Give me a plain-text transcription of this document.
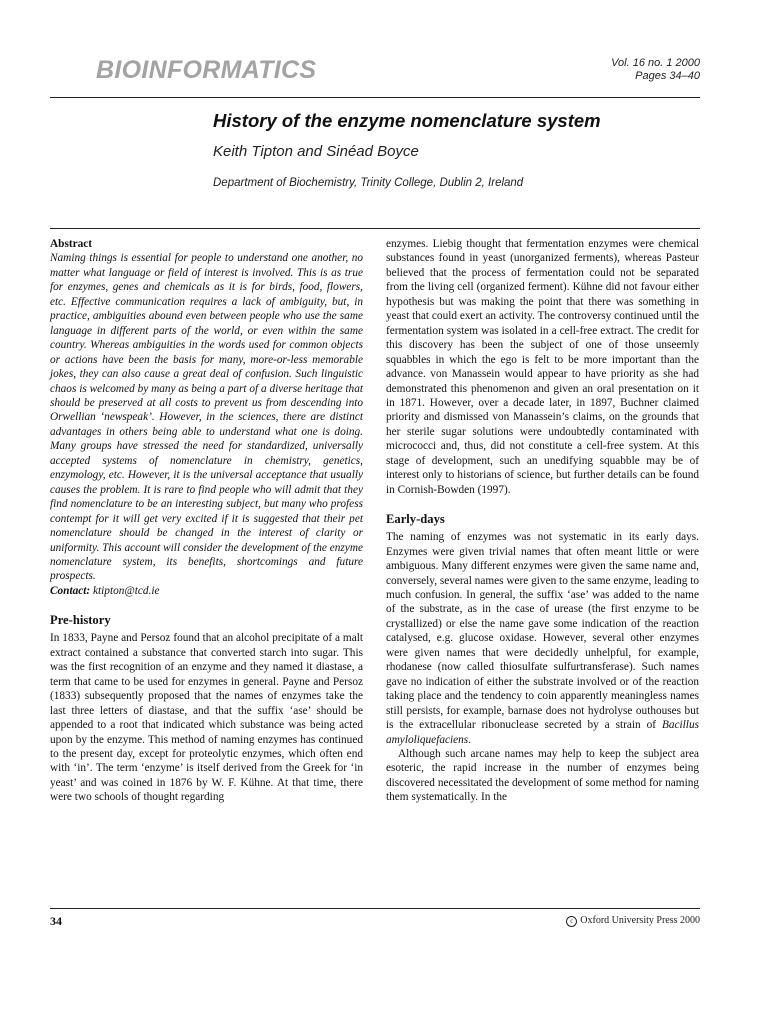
BIOINFORMATICS	Vol. 16 no. 1 2000
Pages 34–40
History of the enzyme nomenclature system
Keith Tipton and Sinéad Boyce
Department of Biochemistry, Trinity College, Dublin 2, Ireland

Abstract

Naming things is essential for people to understand one another, no matter what language or field of interest is involved. This is as true for enzymes, genes and chemicals as it is for birds, food, flowers, etc. Effective communication requires a lack of ambiguity, but, in practice, ambiguities abound even between people who use the same language in different parts of the world, or even within the same country. Whereas ambiguities in the words used for common objects or actions have been the basis for many, more-or-less memorable jokes, they can also cause a great deal of confusion. Such linguistic chaos is welcomed by many as being a part of a diverse heritage that should be preserved at all costs to prevent us from descending into Orwellian ‘newspeak’. However, in the sciences, there are distinct advantages in others being able to understand what one is doing. Many groups have stressed the need for standardized, universally accepted systems of nomenclature in chemistry, genetics, enzymology, etc. However, it is the universal acceptance that usually causes the problem. It is rare to find people who will admit that they find nomenclature to be an interesting subject, but many who profess contempt for it will get very excited if it is suggested that their pet nomenclature should be changed in the interest of clarity or uniformity. This account will consider the development of the enzyme nomenclature system, its benefits, shortcomings and future prospects.

Contact: ktipton@tcd.ie

Pre-history

In 1833, Payne and Persoz found that an alcohol precipitate of a malt extract contained a substance that converted starch into sugar. This was the first recognition of an enzyme and they named it diastase, a term that came to be used for enzymes in general. Payne and Persoz (1833) subsequently proposed that the names of enzymes take the last three letters of diastase, and that the suffix ‘ase’ should be appended to a root that indicated which substance was being acted upon by the enzyme. This method of naming enzymes has continued to the present day, except for proteolytic enzymes, which often end with ‘in’. The term ‘enzyme’ is itself derived from the Greek for ‘in yeast’ and was coined in 1876 by W. F. Kühne. At that time, there were two schools of thought regarding

enzymes. Liebig thought that fermentation enzymes were chemical substances found in yeast (unorganized ferments), whereas Pasteur believed that the process of fermentation could not be separated from the living cell (organized ferment). Kühne did not favour either hypothesis but was making the point that there was something in yeast that could exert an activity. The controversy continued until the fermentation system was isolated in a cell-free extract. The credit for this discovery has been the subject of one of those unseemly squabbles in which the ego is felt to be more important than the advance. von Manassein would appear to have priority as she had demonstrated this phenomenon and given an oral presentation on it in 1871. However, over a decade later, in 1897, Buchner claimed priority and dismissed von Manassein’s claims, on the grounds that her sterile sugar solutions were undoubtedly contaminated with micrococci and, thus, did not constitute a cell-free system. At this stage of development, such an unedifying squabble may be of interest only to historians of science, but further details can be found in Cornish-Bowden (1997).

Early-days

The naming of enzymes was not systematic in its early days. Enzymes were given trivial names that often meant little or were ambiguous. Many different enzymes were given the same name and, conversely, several names were given to the same enzyme, leading to much confusion. In general, the suffix ‘ase’ was added to the name of the substrate, as in the case of urease (the first enzyme to be crystallized) or else the name gave some indication of the reaction catalysed, e.g. glucose oxidase. However, several other enzymes were given names that were decidedly unhelpful, for example, rhodanese (now called thiosulfate sulfurtransferase). Such names gave no indication of either the substrate involved or of the reaction taking place and the tendency to coin apparently meaningless names still persists, for example, barnase does not hydrolyse outhouses but is the extracellular ribonuclease secreted by a strain of Bacillus amyloliquefaciens.

Although such arcane names may help to keep the subject area esoteric, the rapid increase in the number of enzymes being discovered necessitated the development of some method for naming them systematically. In the

34	c Oxford University Press 2000
